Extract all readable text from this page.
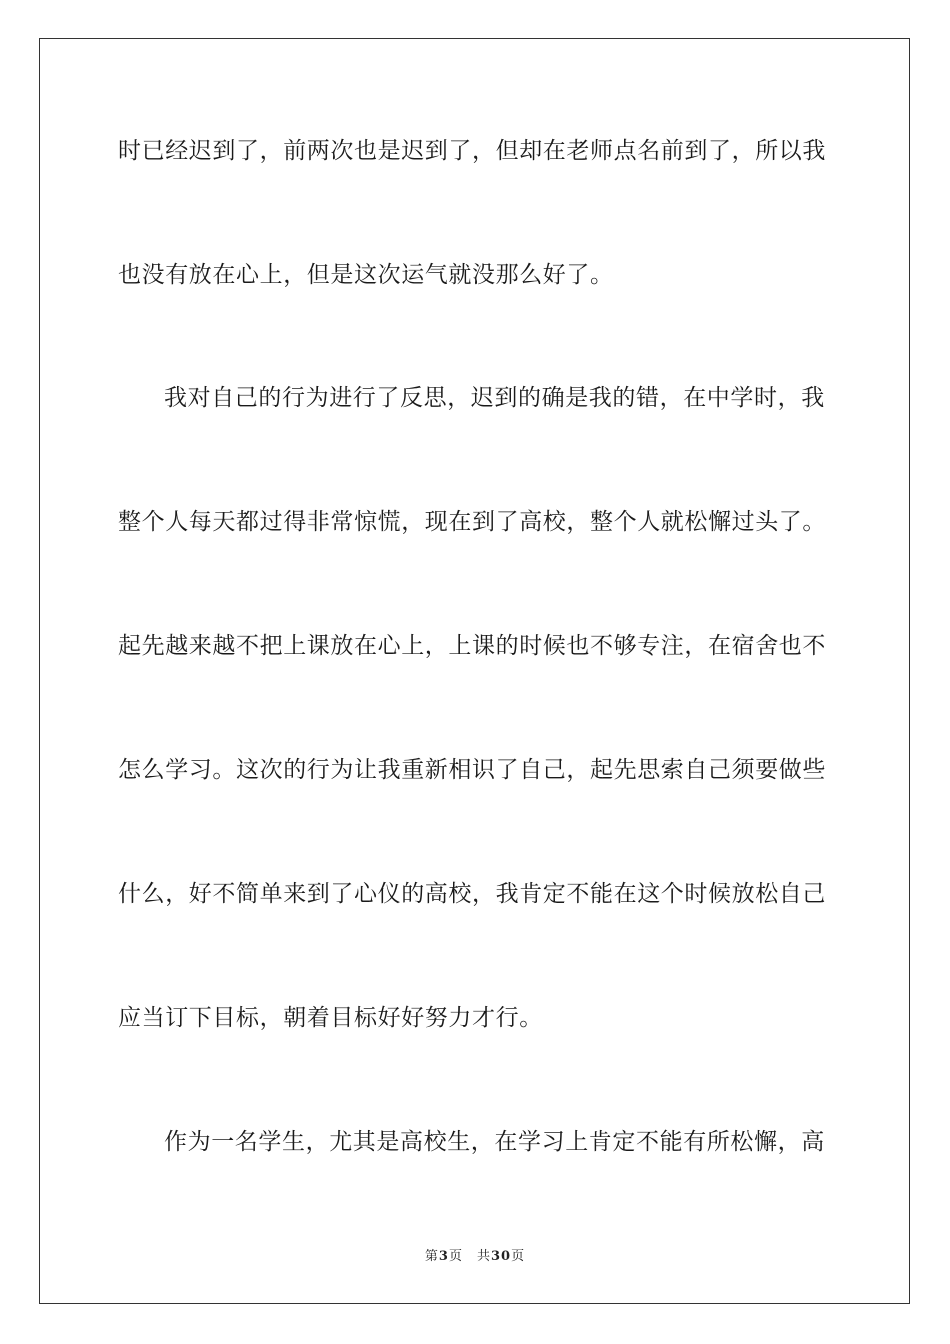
时已经迟到了，前两次也是迟到了，但却在老师点名前到了，所以我
也没有放在心上，但是这次运气就没那么好了。
我对自己的行为进行了反思，迟到的确是我的错，在中学时，我
整个人每天都过得非常惊慌，现在到了高校，整个人就松懈过头了。
起先越来越不把上课放在心上，上课的时候也不够专注，在宿舍也不
怎么学习。这次的行为让我重新相识了自己，起先思索自己须要做些
什么，好不简单来到了心仪的高校，我肯定不能在这个时候放松自己
应当订下目标，朝着目标好好努力才行。
作为一名学生，尤其是高校生，在学习上肯定不能有所松懈，高
第3页 共30页
